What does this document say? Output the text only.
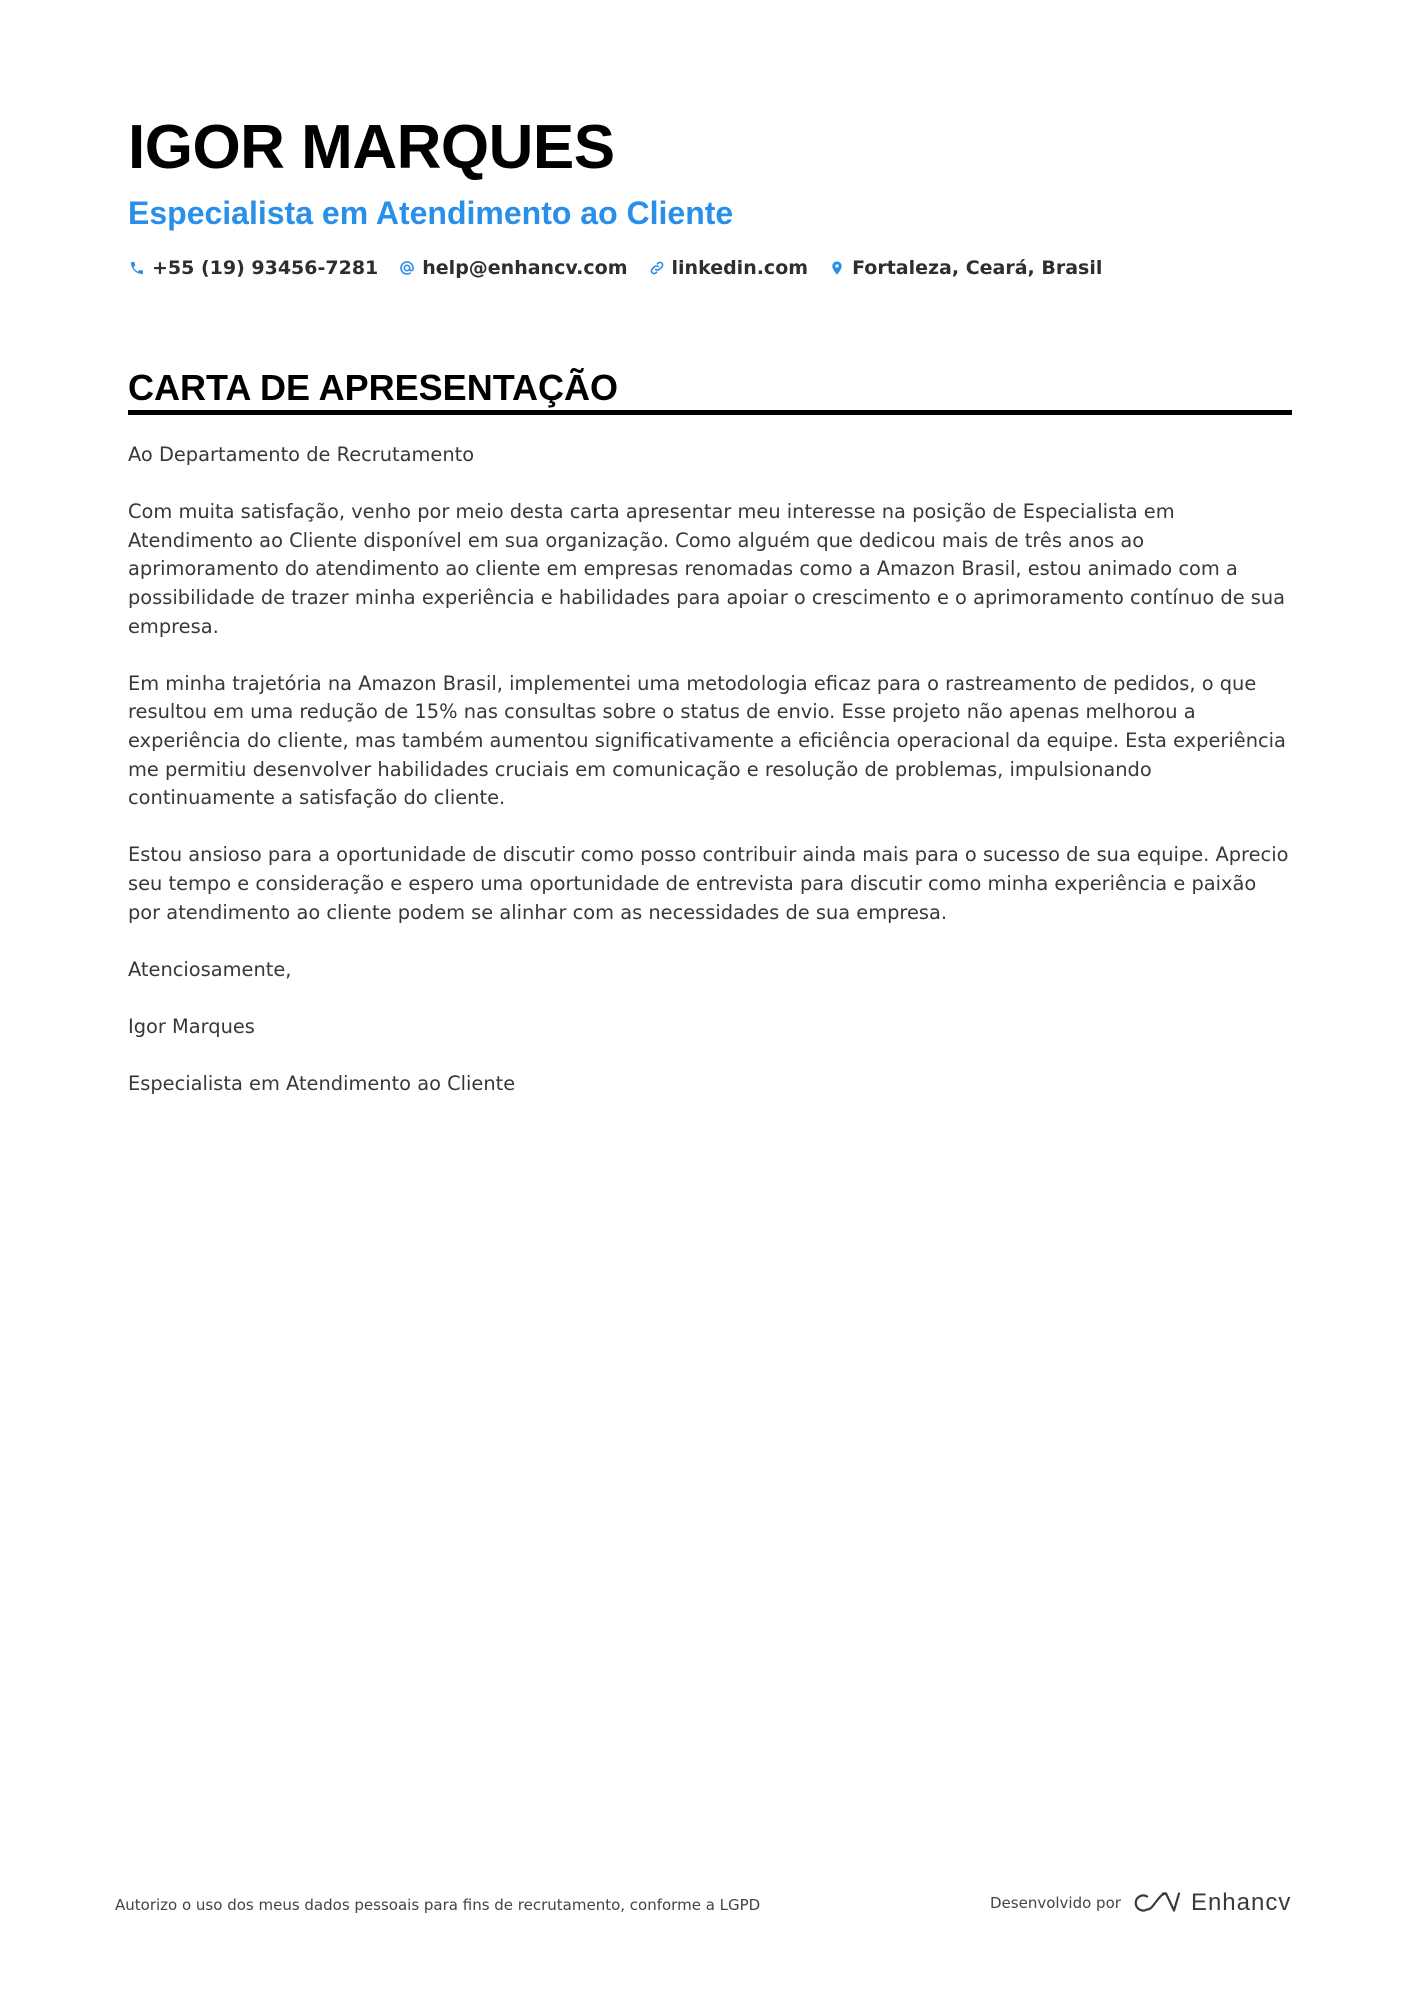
IGOR MARQUES
Especialista em Atendimento ao Cliente
+55 (19) 93456-7281 help@enhancv.com linkedin.com Fortaleza, Ceará, Brasil
CARTA DE APRESENTAÇÃO

Ao Departamento de Recrutamento

Com muita satisfação, venho por meio desta carta apresentar meu interesse na posição de Especialista em Atendimento ao Cliente disponível em sua organização. Como alguém que dedicou mais de três anos ao aprimoramento do atendimento ao cliente em empresas renomadas como a Amazon Brasil, estou animado com a possibilidade de trazer minha experiência e habilidades para apoiar o crescimento e o aprimoramento contínuo de sua empresa.

Em minha trajetória na Amazon Brasil, implementei uma metodologia eficaz para o rastreamento de pedidos, o que resultou em uma redução de 15% nas consultas sobre o status de envio. Esse projeto não apenas melhorou a experiência do cliente, mas também aumentou significativamente a eficiência operacional da equipe. Esta experiência me permitiu desenvolver habilidades cruciais em comunicação e resolução de problemas, impulsionando continuamente a satisfação do cliente.

Estou ansioso para a oportunidade de discutir como posso contribuir ainda mais para o sucesso de sua equipe. Aprecio seu tempo e consideração e espero uma oportunidade de entrevista para discutir como minha experiência e paixão por atendimento ao cliente podem se alinhar com as necessidades de sua empresa.

Atenciosamente,

Igor Marques

Especialista em Atendimento ao Cliente

Autorizo o uso dos meus dados pessoais para fins de recrutamento, conforme a LGPD	Desenvolvido por	Enhancv
